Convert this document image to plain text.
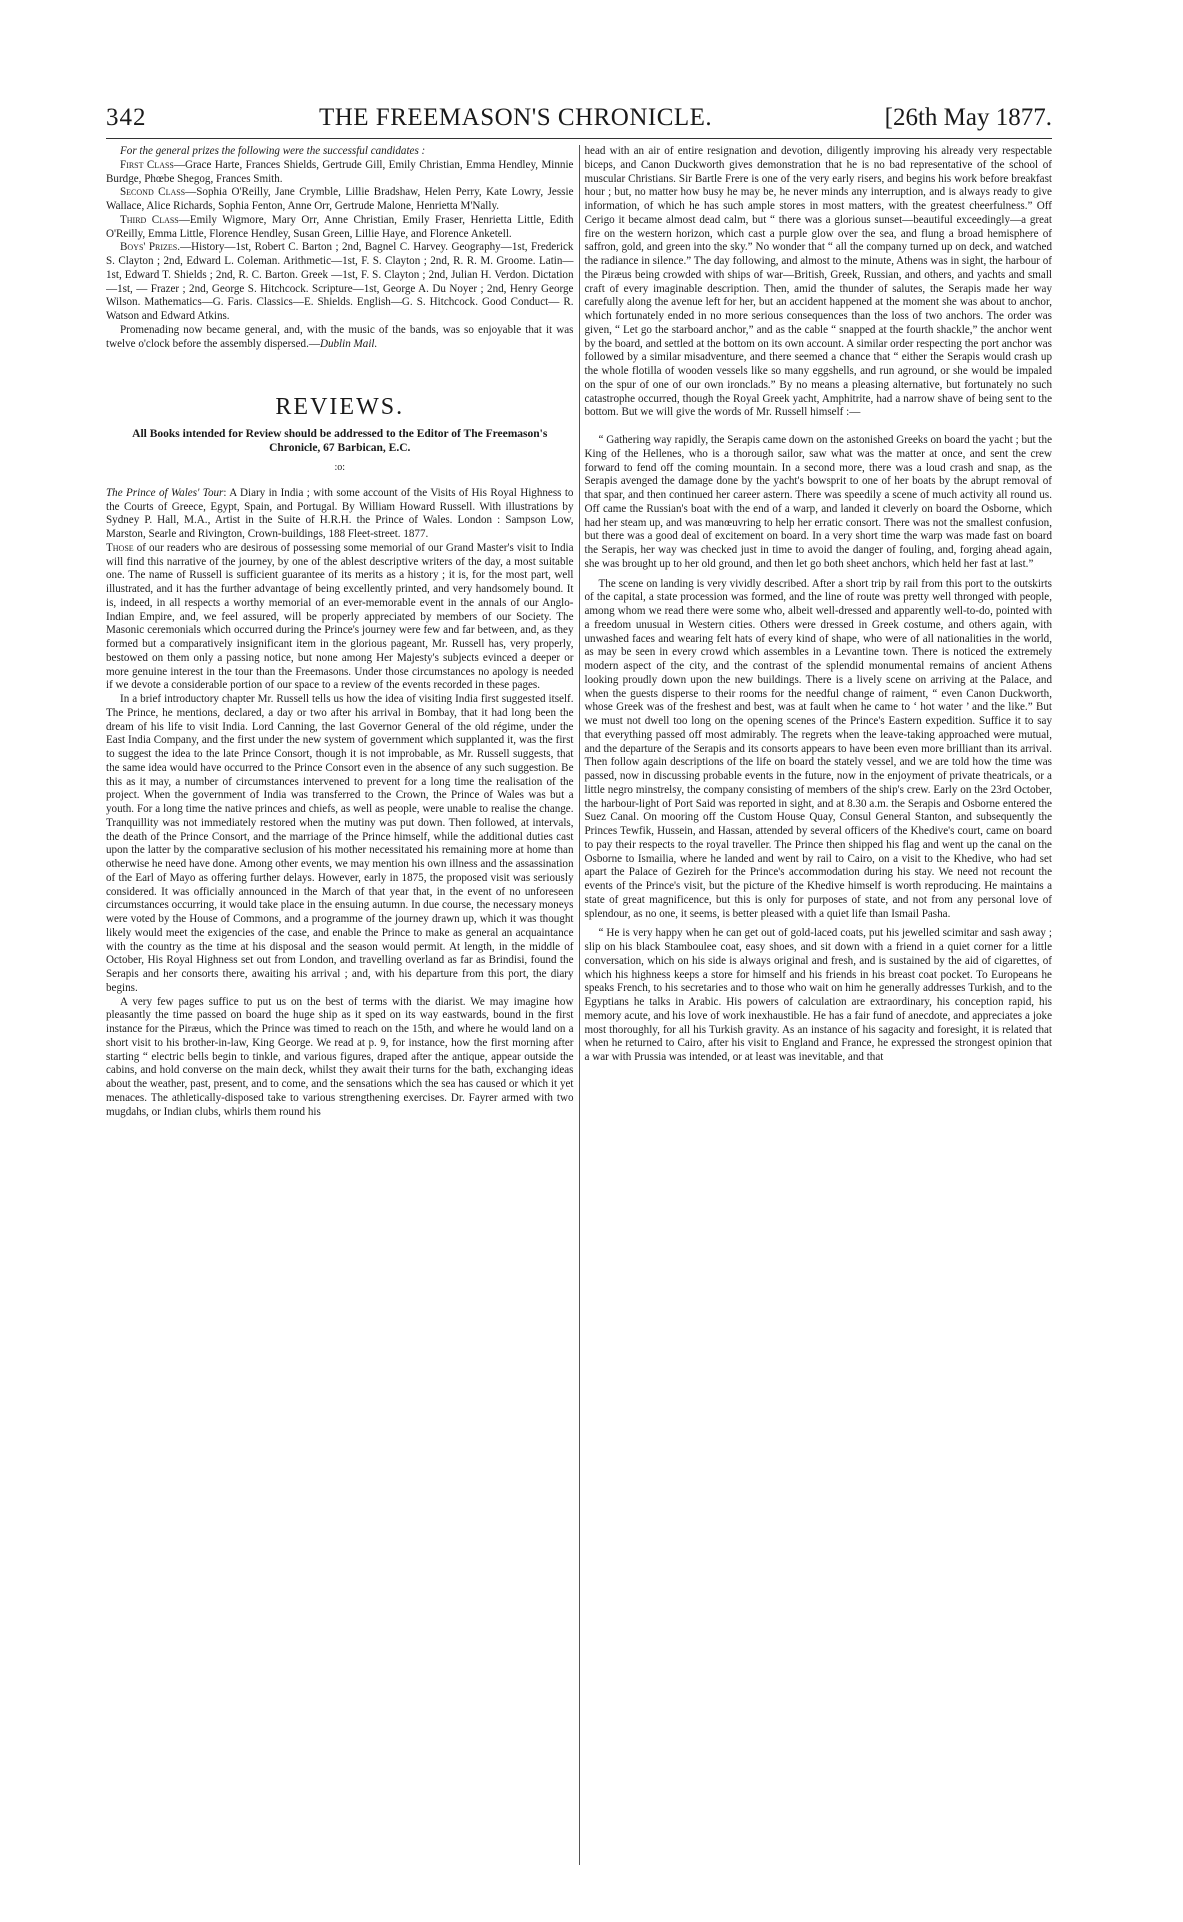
342	THE FREEMASON'S CHRONICLE.	[26th May 1877.

For the general prizes the following were the successful candidates :

First Class—Grace Harte, Frances Shields, Gertrude Gill, Emily Christian, Emma Hendley, Minnie Burdge, Phœbe Shegog, Frances Smith.

Second Class—Sophia O'Reilly, Jane Crymble, Lillie Bradshaw, Helen Perry, Kate Lowry, Jessie Wallace, Alice Richards, Sophia Fenton, Anne Orr, Gertrude Malone, Henrietta M'Nally.

Third Class—Emily Wigmore, Mary Orr, Anne Christian, Emily Fraser, Henrietta Little, Edith O'Reilly, Emma Little, Florence Hendley, Susan Green, Lillie Haye, and Florence Anketell.

Boys' Prizes.—History—1st, Robert C. Barton ; 2nd, Bagnel C. Harvey. Geography—1st, Frederick S. Clayton ; 2nd, Edward L. Coleman. Arithmetic—1st, F. S. Clayton ; 2nd, R. R. M. Groome. Latin—1st, Edward T. Shields ; 2nd, R. C. Barton. Greek —1st, F. S. Clayton ; 2nd, Julian H. Verdon. Dictation—1st, — Frazer ; 2nd, George S. Hitchcock. Scripture—1st, George A. Du Noyer ; 2nd, Henry George Wilson. Mathematics—G. Faris. Classics—E. Shields. English—G. S. Hitchcock. Good Conduct— R. Watson and Edward Atkins.

Promenading now became general, and, with the music of the bands, was so enjoyable that it was twelve o'clock before the assembly dispersed.—Dublin Mail.

REVIEWS.
All Books intended for Review should be addressed to the Editor of The Freemason's Chronicle, 67 Barbican, E.C.
:o:

The Prince of Wales' Tour: A Diary in India ; with some account of the Visits of His Royal Highness to the Courts of Greece, Egypt, Spain, and Portugal. By William Howard Russell. With illustrations by Sydney P. Hall, M.A., Artist in the Suite of H.R.H. the Prince of Wales. London : Sampson Low, Marston, Searle and Rivington, Crown-buildings, 188 Fleet-street. 1877.

Those of our readers who are desirous of possessing some memorial of our Grand Master's visit to India will find this narrative of the journey, by one of the ablest descriptive writers of the day, a most suitable one. The name of Russell is sufficient guarantee of its merits as a history ; it is, for the most part, well illustrated, and it has the further advantage of being excellently printed, and very handsomely bound. It is, indeed, in all respects a worthy memorial of an ever-memorable event in the annals of our Anglo-Indian Empire, and, we feel assured, will be properly appreciated by members of our Society. The Masonic ceremonials which occurred during the Prince's journey were few and far between, and, as they formed but a comparatively insignificant item in the glorious pageant, Mr. Russell has, very properly, bestowed on them only a passing notice, but none among Her Majesty's subjects evinced a deeper or more genuine interest in the tour than the Freemasons. Under those circumstances no apology is needed if we devote a considerable portion of our space to a review of the events recorded in these pages.

In a brief introductory chapter Mr. Russell tells us how the idea of visiting India first suggested itself. The Prince, he mentions, declared, a day or two after his arrival in Bombay, that it had long been the dream of his life to visit India. Lord Canning, the last Governor General of the old régime, under the East India Company, and the first under the new system of government which supplanted it, was the first to suggest the idea to the late Prince Consort, though it is not improbable, as Mr. Russell suggests, that the same idea would have occurred to the Prince Consort even in the absence of any such suggestion. Be this as it may, a number of circumstances intervened to prevent for a long time the realisation of the project. When the government of India was transferred to the Crown, the Prince of Wales was but a youth. For a long time the native princes and chiefs, as well as people, were unable to realise the change. Tranquillity was not immediately restored when the mutiny was put down. Then followed, at intervals, the death of the Prince Consort, and the marriage of the Prince himself, while the additional duties cast upon the latter by the comparative seclusion of his mother necessitated his remaining more at home than otherwise he need have done. Among other events, we may mention his own illness and the assassination of the Earl of Mayo as offering further delays. However, early in 1875, the proposed visit was seriously considered. It was officially announced in the March of that year that, in the event of no unforeseen circumstances occurring, it would take place in the ensuing autumn. In due course, the necessary moneys were voted by the House of Commons, and a programme of the journey drawn up, which it was thought likely would meet the exigencies of the case, and enable the Prince to make as general an acquaintance with the country as the time at his disposal and the season would permit. At length, in the middle of October, His Royal Highness set out from London, and travelling overland as far as Brindisi, found the Serapis and her consorts there, awaiting his arrival ; and, with his departure from this port, the diary begins.

A very few pages suffice to put us on the best of terms with the diarist. We may imagine how pleasantly the time passed on board the huge ship as it sped on its way eastwards, bound in the first instance for the Piræus, which the Prince was timed to reach on the 15th, and where he would land on a short visit to his brother-in-law, King George. We read at p. 9, for instance, how the first morning after starting “ electric bells begin to tinkle, and various figures, draped after the antique, appear outside the cabins, and hold converse on the main deck, whilst they await their turns for the bath, exchanging ideas about the weather, past, present, and to come, and the sensations which the sea has caused or which it yet menaces. The athletically-disposed take to various strengthening exercises. Dr. Fayrer armed with two mugdahs, or Indian clubs, whirls them round his

head with an air of entire resignation and devotion, diligently improving his already very respectable biceps, and Canon Duckworth gives demonstration that he is no bad representative of the school of muscular Christians. Sir Bartle Frere is one of the very early risers, and begins his work before breakfast hour ; but, no matter how busy he may be, he never minds any interruption, and is always ready to give information, of which he has such ample stores in most matters, with the greatest cheerfulness.” Off Cerigo it became almost dead calm, but “ there was a glorious sunset—beautiful exceedingly—a great fire on the western horizon, which cast a purple glow over the sea, and flung a broad hemisphere of saffron, gold, and green into the sky.” No wonder that “ all the company turned up on deck, and watched the radiance in silence.” The day following, and almost to the minute, Athens was in sight, the harbour of the Piræus being crowded with ships of war—British, Greek, Russian, and others, and yachts and small craft of every imaginable description. Then, amid the thunder of salutes, the Serapis made her way carefully along the avenue left for her, but an accident happened at the moment she was about to anchor, which fortunately ended in no more serious consequences than the loss of two anchors. The order was given, “ Let go the starboard anchor,” and as the cable “ snapped at the fourth shackle,” the anchor went by the board, and settled at the bottom on its own account. A similar order respecting the port anchor was followed by a similar misadventure, and there seemed a chance that “ either the Serapis would crash up the whole flotilla of wooden vessels like so many eggshells, and run aground, or she would be impaled on the spur of one of our own ironclads.” By no means a pleasing alternative, but fortunately no such catastrophe occurred, though the Royal Greek yacht, Amphitrite, had a narrow shave of being sent to the bottom. But we will give the words of Mr. Russell himself :—

“ Gathering way rapidly, the Serapis came down on the astonished Greeks on board the yacht ; but the King of the Hellenes, who is a thorough sailor, saw what was the matter at once, and sent the crew forward to fend off the coming mountain. In a second more, there was a loud crash and snap, as the Serapis avenged the damage done by the yacht's bowsprit to one of her boats by the abrupt removal of that spar, and then continued her career astern. There was speedily a scene of much activity all round us. Off came the Russian's boat with the end of a warp, and landed it cleverly on board the Osborne, which had her steam up, and was manœuvring to help her erratic consort. There was not the smallest confusion, but there was a good deal of excitement on board. In a very short time the warp was made fast on board the Serapis, her way was checked just in time to avoid the danger of fouling, and, forging ahead again, she was brought up to her old ground, and then let go both sheet anchors, which held her fast at last.”

The scene on landing is very vividly described. After a short trip by rail from this port to the outskirts of the capital, a state procession was formed, and the line of route was pretty well thronged with people, among whom we read there were some who, albeit well-dressed and apparently well-to-do, pointed with a freedom unusual in Western cities. Others were dressed in Greek costume, and others again, with unwashed faces and wearing felt hats of every kind of shape, who were of all nationalities in the world, as may be seen in every crowd which assembles in a Levantine town. There is noticed the extremely modern aspect of the city, and the contrast of the splendid monumental remains of ancient Athens looking proudly down upon the new buildings. There is a lively scene on arriving at the Palace, and when the guests disperse to their rooms for the needful change of raiment, “ even Canon Duckworth, whose Greek was of the freshest and best, was at fault when he came to ‘ hot water ’ and the like.” But we must not dwell too long on the opening scenes of the Prince's Eastern expedition. Suffice it to say that everything passed off most admirably. The regrets when the leave-taking approached were mutual, and the departure of the Serapis and its consorts appears to have been even more brilliant than its arrival. Then follow again descriptions of the life on board the stately vessel, and we are told how the time was passed, now in discussing probable events in the future, now in the enjoyment of private theatricals, or a little negro minstrelsy, the company consisting of members of the ship's crew. Early on the 23rd October, the harbour-light of Port Said was reported in sight, and at 8.30 a.m. the Serapis and Osborne entered the Suez Canal. On mooring off the Custom House Quay, Consul General Stanton, and subsequently the Princes Tewfik, Hussein, and Hassan, attended by several officers of the Khedive's court, came on board to pay their respects to the royal traveller. The Prince then shipped his flag and went up the canal on the Osborne to Ismailia, where he landed and went by rail to Cairo, on a visit to the Khedive, who had set apart the Palace of Gezireh for the Prince's accommodation during his stay. We need not recount the events of the Prince's visit, but the picture of the Khedive himself is worth reproducing. He maintains a state of great magnificence, but this is only for purposes of state, and not from any personal love of splendour, as no one, it seems, is better pleased with a quiet life than Ismail Pasha.

“ He is very happy when he can get out of gold-laced coats, put his jewelled scimitar and sash away ; slip on his black Stamboulee coat, easy shoes, and sit down with a friend in a quiet corner for a little conversation, which on his side is always original and fresh, and is sustained by the aid of cigarettes, of which his highness keeps a store for himself and his friends in his breast coat pocket. To Europeans he speaks French, to his secretaries and to those who wait on him he generally addresses Turkish, and to the Egyptians he talks in Arabic. His powers of calculation are extraordinary, his conception rapid, his memory acute, and his love of work inexhaustible. He has a fair fund of anecdote, and appreciates a joke most thoroughly, for all his Turkish gravity. As an instance of his sagacity and foresight, it is related that when he returned to Cairo, after his visit to England and France, he expressed the strongest opinion that a war with Prussia was intended, or at least was inevitable, and that
